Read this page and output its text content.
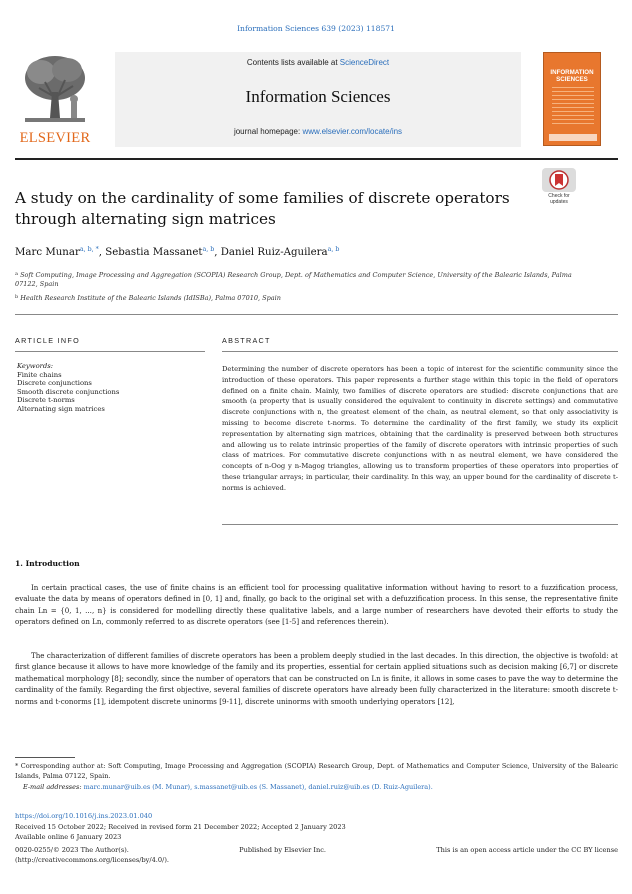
Information Sciences 639 (2023) 118571
ELSEVIER
Contents lists available at ScienceDirect
Information Sciences
journal homepage: www.elsevier.com/locate/ins
INFORMATION SCIENCES
A study on the cardinality of some families of discrete operators through alternating sign matrices
Check for updates
Marc Munar$^{a, b, *}$, Sebastia Massanet$^{a, b}$, Daniel Ruiz-Aguilera$^{a, b}$
$^a$ Soft Computing, Image Processing and Aggregation (SCOPIA) Research Group, Dept. of Mathematics and Computer Science, University of the Balearic Islands, Palma 07122, Spain
$^b$ Health Research Institute of the Balearic Islands (IdISBa), Palma 07010, Spain
ARTICLE INFO	ABSTRACT
Keywords:
Finite chains
Discrete conjunctions
Smooth discrete conjunctions
Discrete t-norms
Alternating sign matrices
Determining the number of discrete operators has been a topic of interest for the scientific community since the introduction of these operators. This paper represents a further stage within this topic in the field of operators defined on a finite chain. Mainly, two families of discrete operators are studied: discrete conjunctions that are smooth (a property that is usually considered the equivalent to continuity in discrete settings) and commutative discrete conjunctions with n, the greatest element of the chain, as neutral element, so that only associativity is missing to become discrete t-norms. To determine the cardinality of the first family, we study its explicit representation by alternating sign matrices, obtaining that the cardinality is preserved between both structures and allowing us to relate intrinsic properties of the family of discrete operators with intrinsic properties of such class of matrices. For commutative discrete conjunctions with n as neutral element, we have considered the concepts of n-Oog y n-Magog triangles, allowing us to transform properties of these operators into properties of these triangular arrays; in particular, their cardinality. In this way, an upper bound for the cardinality of discrete t-norms is achieved.
1. Introduction
In certain practical cases, the use of finite chains is an efficient tool for processing qualitative information without having to resort to a fuzzification process, evaluate the data by means of operators defined in [0, 1] and, finally, go back to the original set with a defuzzification process. In this sense, the representative finite chain Ln = {0, 1, ..., n} is considered for modelling directly these qualitative labels, and a large number of researchers have devoted their efforts to study the operators defined on Ln, commonly referred to as discrete operators (see [1-5] and references therein).
The characterization of different families of discrete operators has been a problem deeply studied in the last decades. In this direction, the objective is twofold: at first glance because it allows to have more knowledge of the family and its properties, essential for certain applied situations such as decision making [6,7] or discrete mathematical morphology [8]; secondly, since the number of operators that can be constructed on Ln is finite, it allows in some cases to pave the way to determine the cardinality of the family. Regarding the first objective, several families of discrete operators have already been fully characterized in the literature: smooth discrete t-norms and t-conorms [1], idempotent discrete uninorms [9-11], discrete uninorms with smooth underlying operators [12],
* Corresponding author at: Soft Computing, Image Processing and Aggregation (SCOPIA) Research Group, Dept. of Mathematics and Computer Science, University of the Balearic Islands, Palma 07122, Spain.
E-mail addresses: marc.munar@uib.es (M. Munar), s.massanet@uib.es (S. Massanet), daniel.ruiz@uib.es (D. Ruiz-Aguilera).
https://doi.org/10.1016/j.ins.2023.01.040
Received 15 October 2022; Received in revised form 21 December 2022; Accepted 2 January 2023
Available online 6 January 2023
0020-0255/© 2023 The Author(s).	Published by Elsevier Inc.	This is an open access article under the CC BY license
(http://creativecommons.org/licenses/by/4.0/).
